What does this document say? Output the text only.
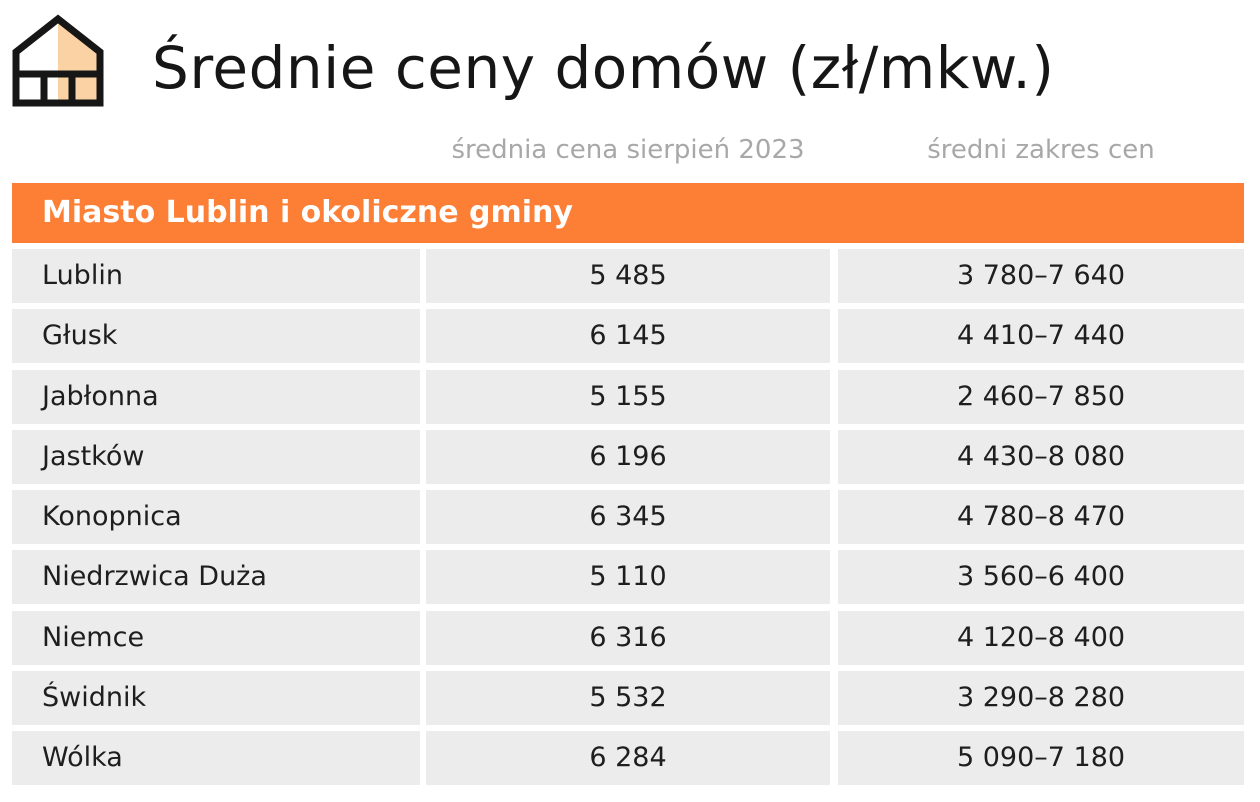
Średnie ceny domów (zł/mkw.)
średnia cena sierpień 2023	średni zakres cen
Miasto Lublin i okoliczne gminy
Lublin	5 485	3 780–7 640
Głusk	6 145	4 410–7 440
Jabłonna	5 155	2 460–7 850
Jastków	6 196	4 430–8 080
Konopnica	6 345	4 780–8 470
Niedrzwica Duża	5 110	3 560–6 400
Niemce	6 316	4 120–8 400
Świdnik	5 532	3 290–8 280
Wólka	6 284	5 090–7 180
